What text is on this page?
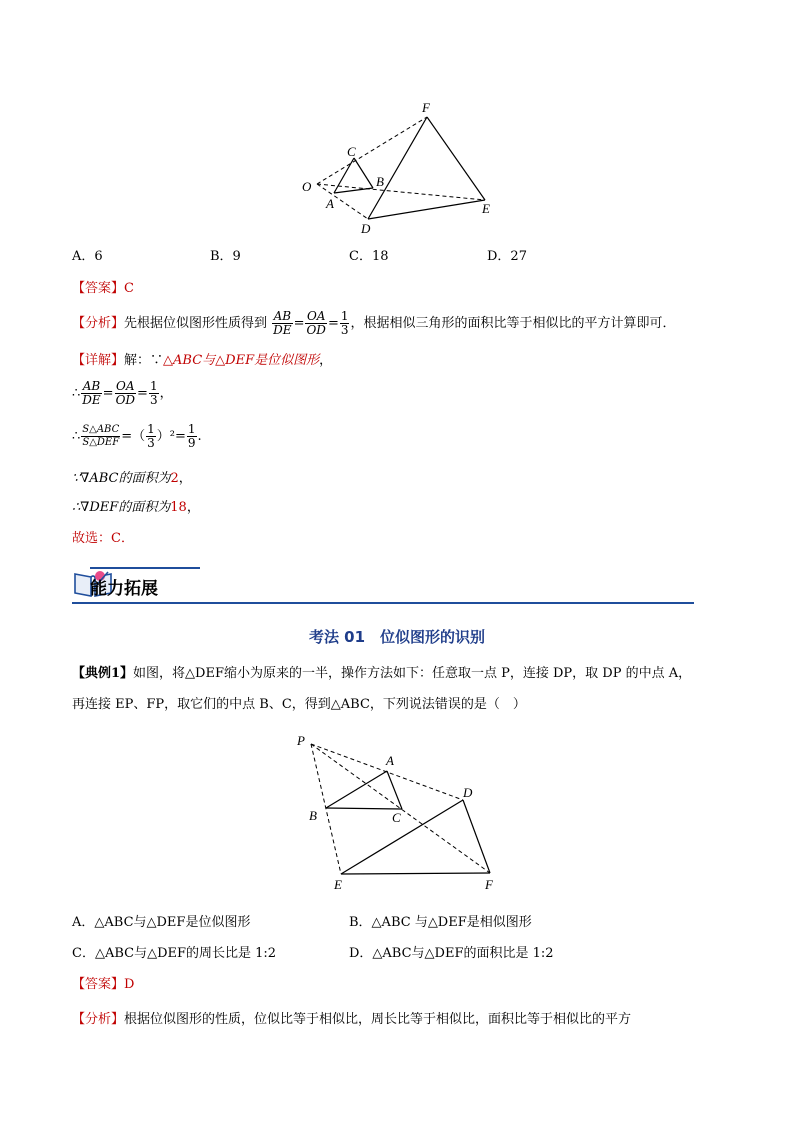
F
C
B
O
A
D
E
A．6	B．9	C．18	D．27
【答案】C
【分析】先根据位似图形性质得到 $\frac{AB}{DE} = \frac{OA}{OD} = \frac{1}{3}$ ，根据相似三角形的面积比等于相似比的平方计算即可．
【详解】解：∵△ABC与△DEF是位似图形，
∴ $\frac{AB}{DE} = \frac{OA}{OD} = \frac{1}{3}$ ，
∴ $\frac{\text{S△ABC}}{\text{S△DEF}}$ =（ $\frac{1}{3} )^2= \frac{1}{9}$ .
∵∇ABC的面积为2，
∴∇DEF的面积为18，
故选：C．
能力拓展
考法 01　位似图形的识别
【典例1】如图，将△DEF缩小为原来的一半，操作方法如下：任意取一点 P，连接 DP，取 DP 的中点 A，
再连接 EP、FP，取它们的中点 B、C，得到△ABC，下列说法错误的是（　）
P
A
D
B	C
E	F
A．△ABC与△DEF是位似图形	B．△ABC 与△DEF是相似图形
C．△ABC与△DEF的周长比是 1:2	D．△ABC与△DEF的面积比是 1:2
【答案】D
【分析】根据位似图形的性质，位似比等于相似比，周长比等于相似比，面积比等于相似比的平方
